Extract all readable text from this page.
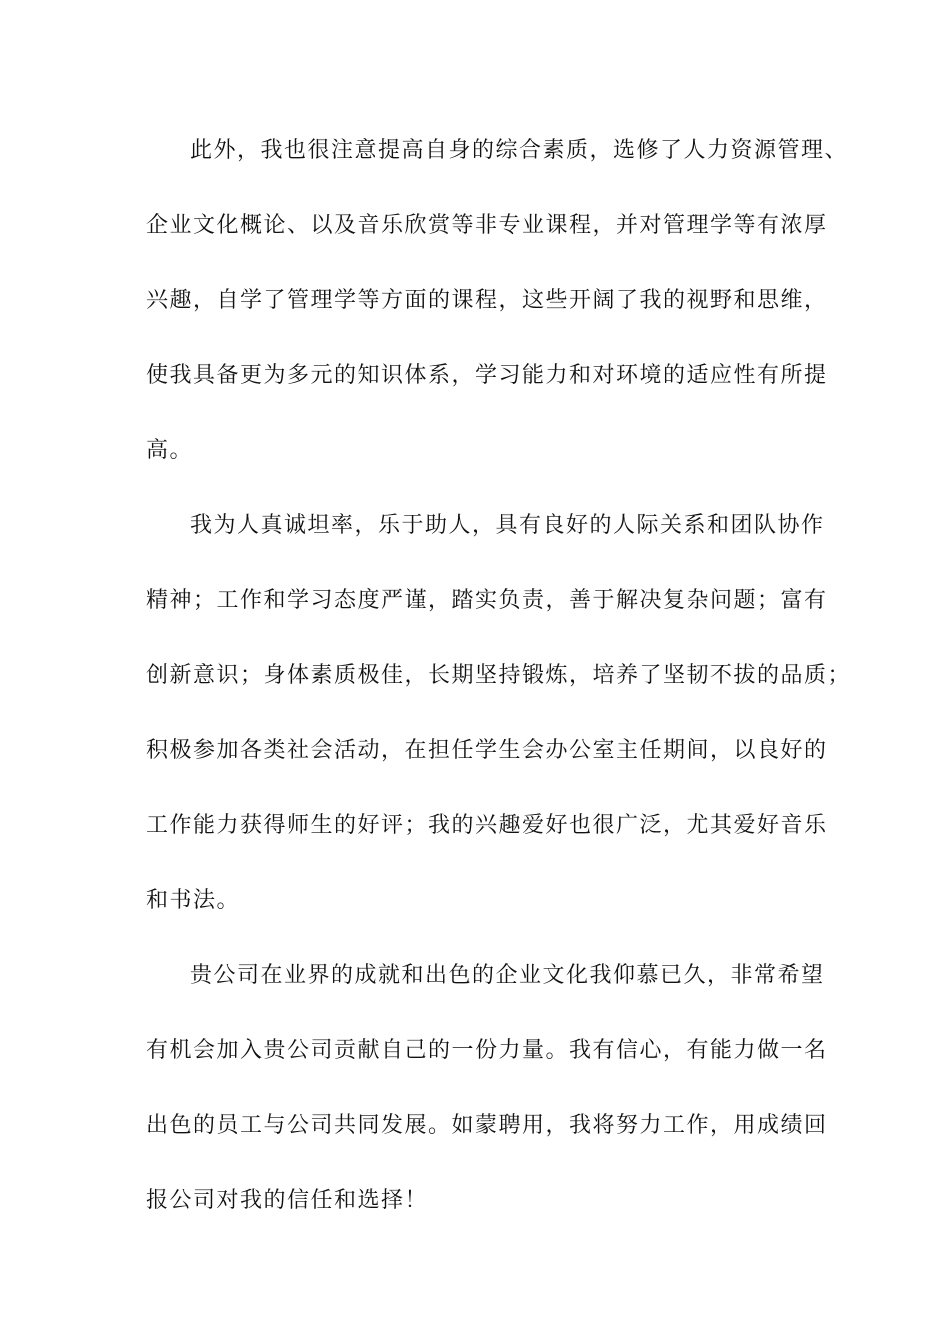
此外，我也很注意提高自身的综合素质，选修了人力资源管理、
企业文化概论、以及音乐欣赏等非专业课程，并对管理学等有浓厚
兴趣，自学了管理学等方面的课程，这些开阔了我的视野和思维，
使我具备更为多元的知识体系，学习能力和对环境的适应性有所提
高。
我为人真诚坦率，乐于助人，具有良好的人际关系和团队协作
精神；工作和学习态度严谨，踏实负责，善于解决复杂问题；富有
创新意识；身体素质极佳，长期坚持锻炼，培养了坚韧不拔的品质；
积极参加各类社会活动，在担任学生会办公室主任期间，以良好的
工作能力获得师生的好评；我的兴趣爱好也很广泛，尤其爱好音乐
和书法。
贵公司在业界的成就和出色的企业文化我仰慕已久，非常希望
有机会加入贵公司贡献自己的一份力量。我有信心，有能力做一名
出色的员工与公司共同发展。如蒙聘用，我将努力工作，用成绩回
报公司对我的信任和选择！
